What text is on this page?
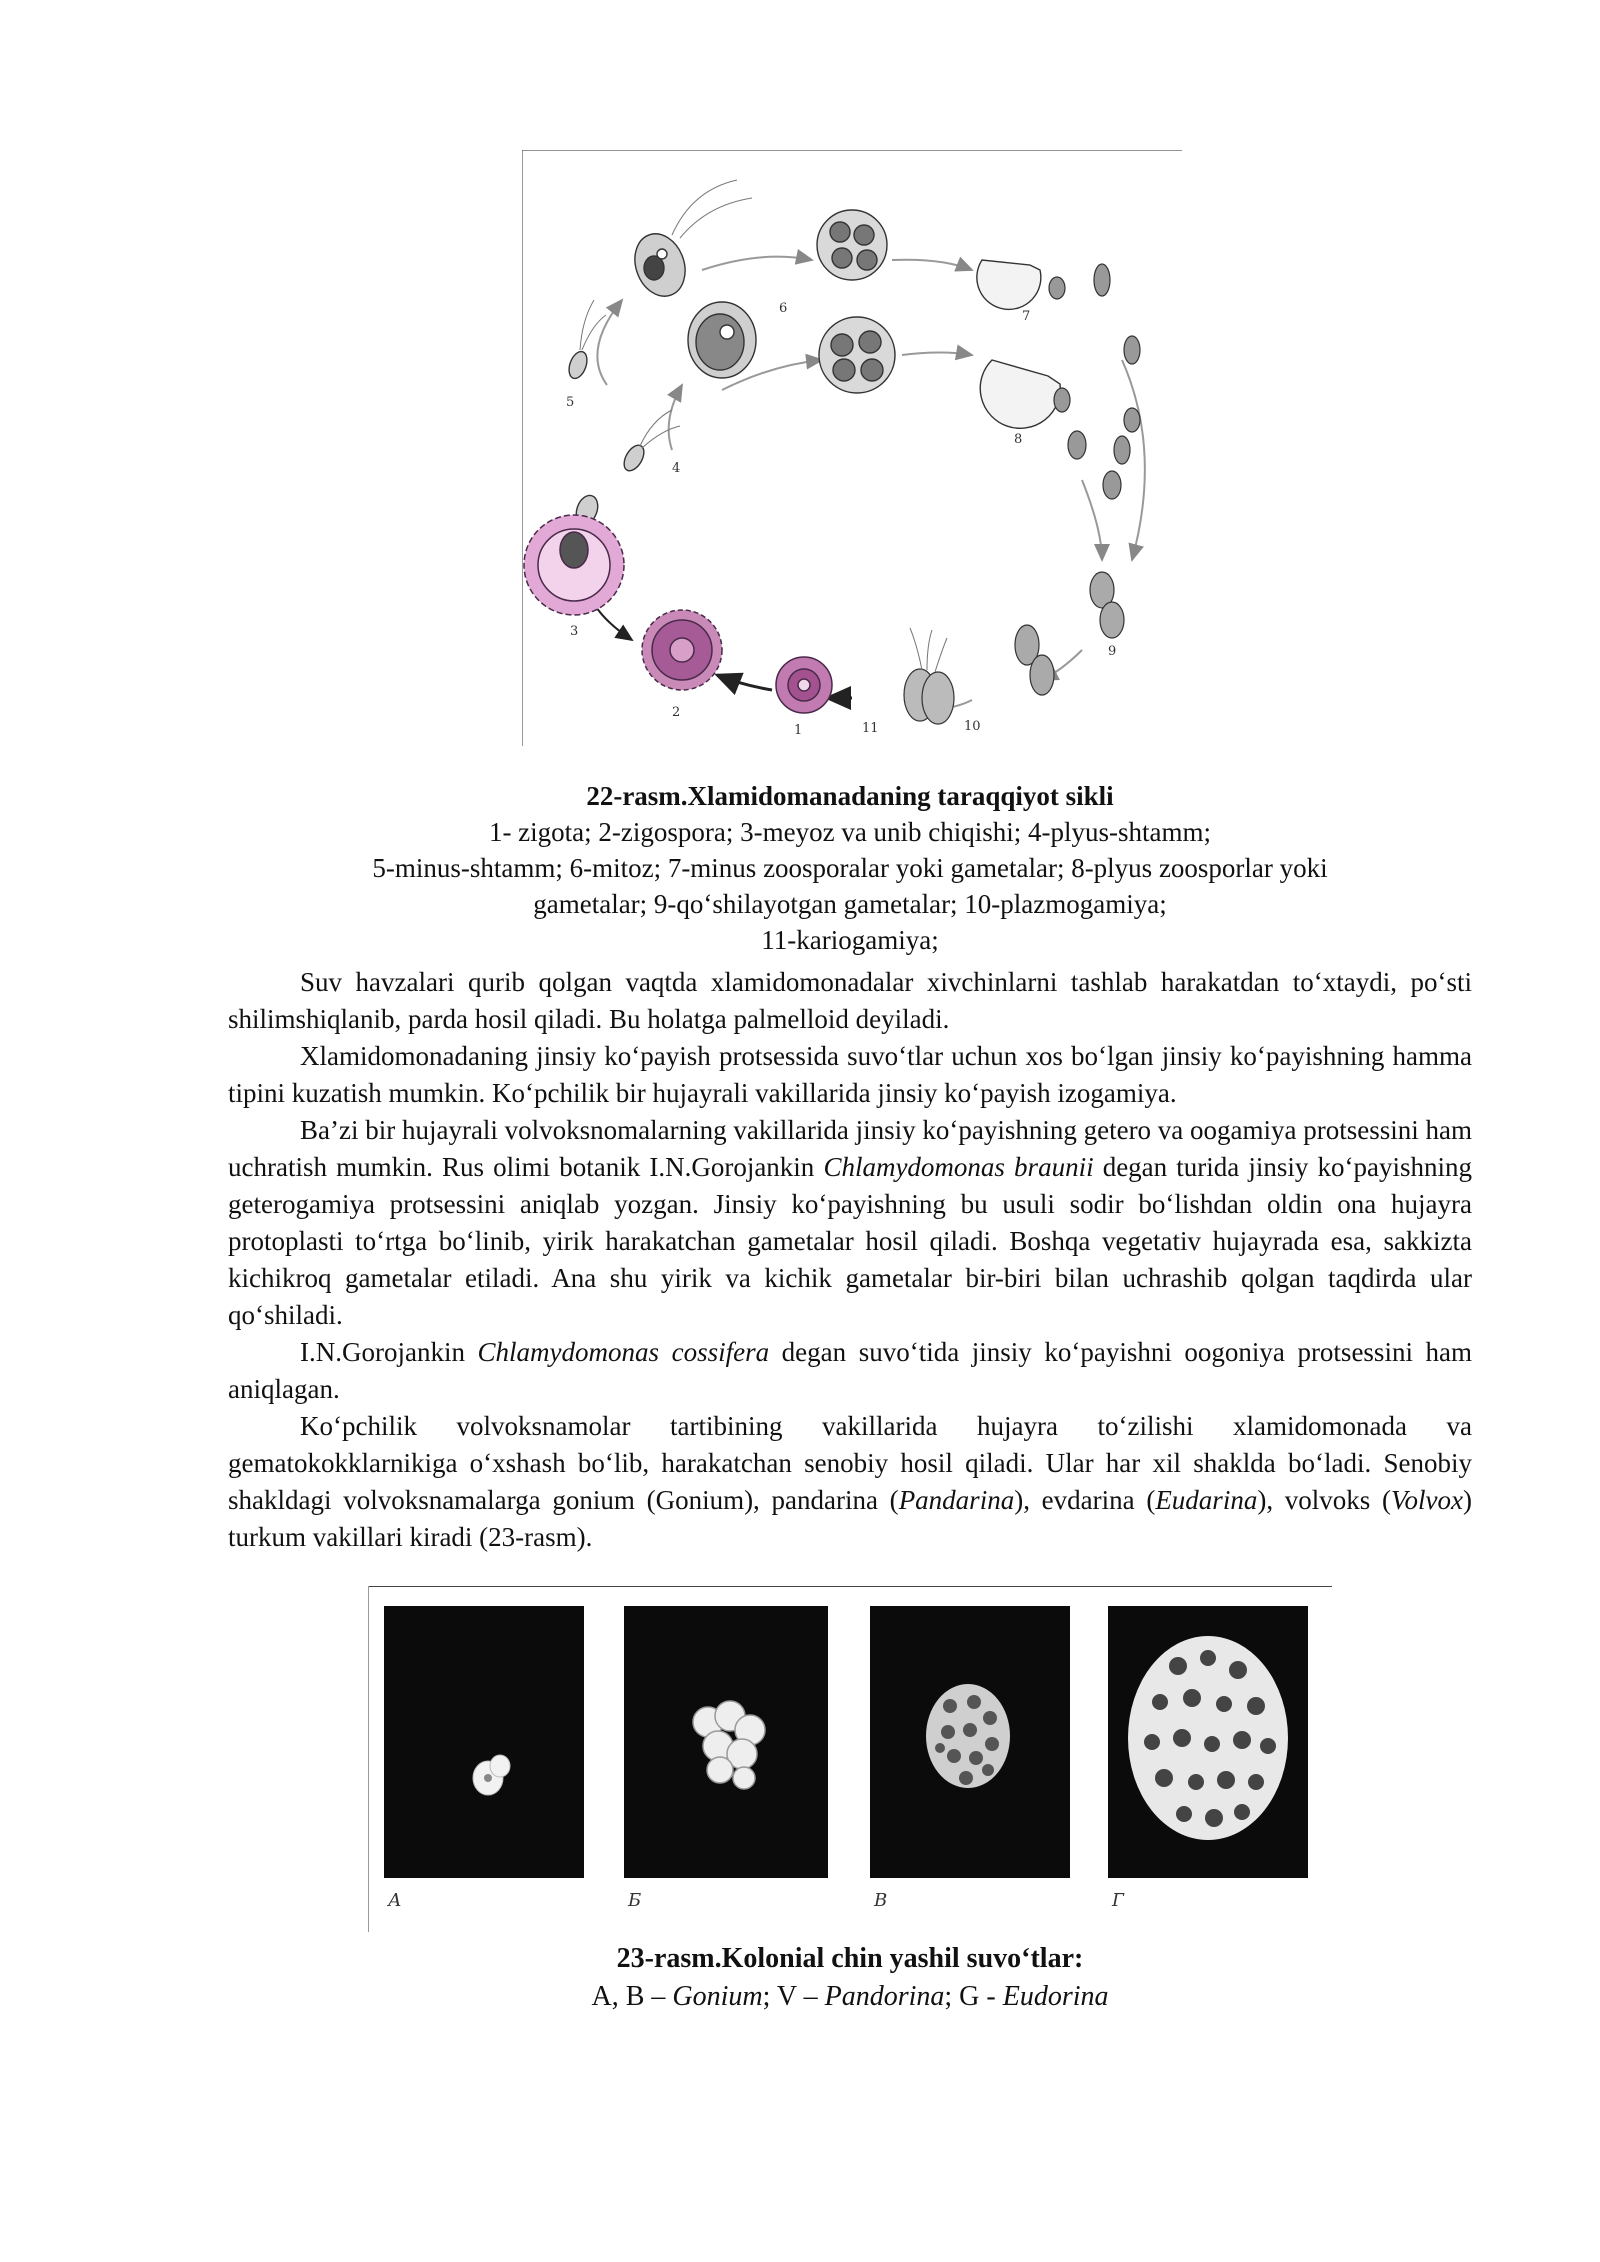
1
2
3
4
5
6
7
8
9
10
11
22-rasm.Xlamidomanadaning taraqqiyot sikli
1- zigota; 2-zigospora; 3-meyoz va unib chiqishi; 4-plyus-shtamm;
5-minus-shtamm; 6-mitoz; 7-minus zoosporalar yoki gametalar; 8-plyus zoosporlar yoki
gametalar; 9-qo‘shilayotgan gametalar; 10-plazmogamiya;
11-kariogamiya;

Suv havzalari qurib qolgan vaqtda xlamidomonadalar xivchinlarni tashlab harakatdan to‘xtaydi, po‘sti shilimshiqlanib, parda hosil qiladi. Bu holatga palmelloid deyiladi.

Xlamidomonadaning jinsiy ko‘payish protsessida suvo‘tlar uchun xos bo‘lgan jinsiy ko‘payishning hamma tipini kuzatish mumkin. Ko‘pchilik bir hujayrali vakillarida jinsiy ko‘payish izogamiya.

Ba’zi bir hujayrali volvoksnomalarning vakillarida jinsiy ko‘payishning getero va oogamiya protsessini ham uchratish mumkin. Rus olimi botanik I.N.Gorojankin Chlamydomonas braunii degan turida jinsiy ko‘payishning geterogamiya protsessini aniqlab yozgan. Jinsiy ko‘payishning bu usuli sodir bo‘lishdan oldin ona hujayra protoplasti to‘rtga bo‘linib, yirik harakatchan gametalar hosil qiladi. Boshqa vegetativ hujayrada esa, sakkizta kichikroq gametalar etiladi. Ana shu yirik va kichik gametalar bir-biri bilan uchrashib qolgan taqdirda ular qo‘shiladi.

I.N.Gorojankin Chlamydomonas cossifera degan suvo‘tida jinsiy ko‘payishni oogoniya protsessini ham aniqlagan.

Ko‘pchilik volvoksnamolar tartibining vakillarida hujayra to‘zilishi xlamidomonada va gematokokklarnikiga o‘xshash bo‘lib, harakatchan senobiy hosil qiladi. Ular har xil shaklda bo‘ladi. Senobiy shakldagi volvoksnamalarga gonium (Gonium), pandarina (Pandarina), evdarina (Eudarina), volvoks (Volvox) turkum vakillari kiradi (23-rasm).

А	Б	В	Г
23-rasm.Kolonial chin yashil suvo‘tlar:
A, B – Gonium; V – Pandorina; G - Eudorina
